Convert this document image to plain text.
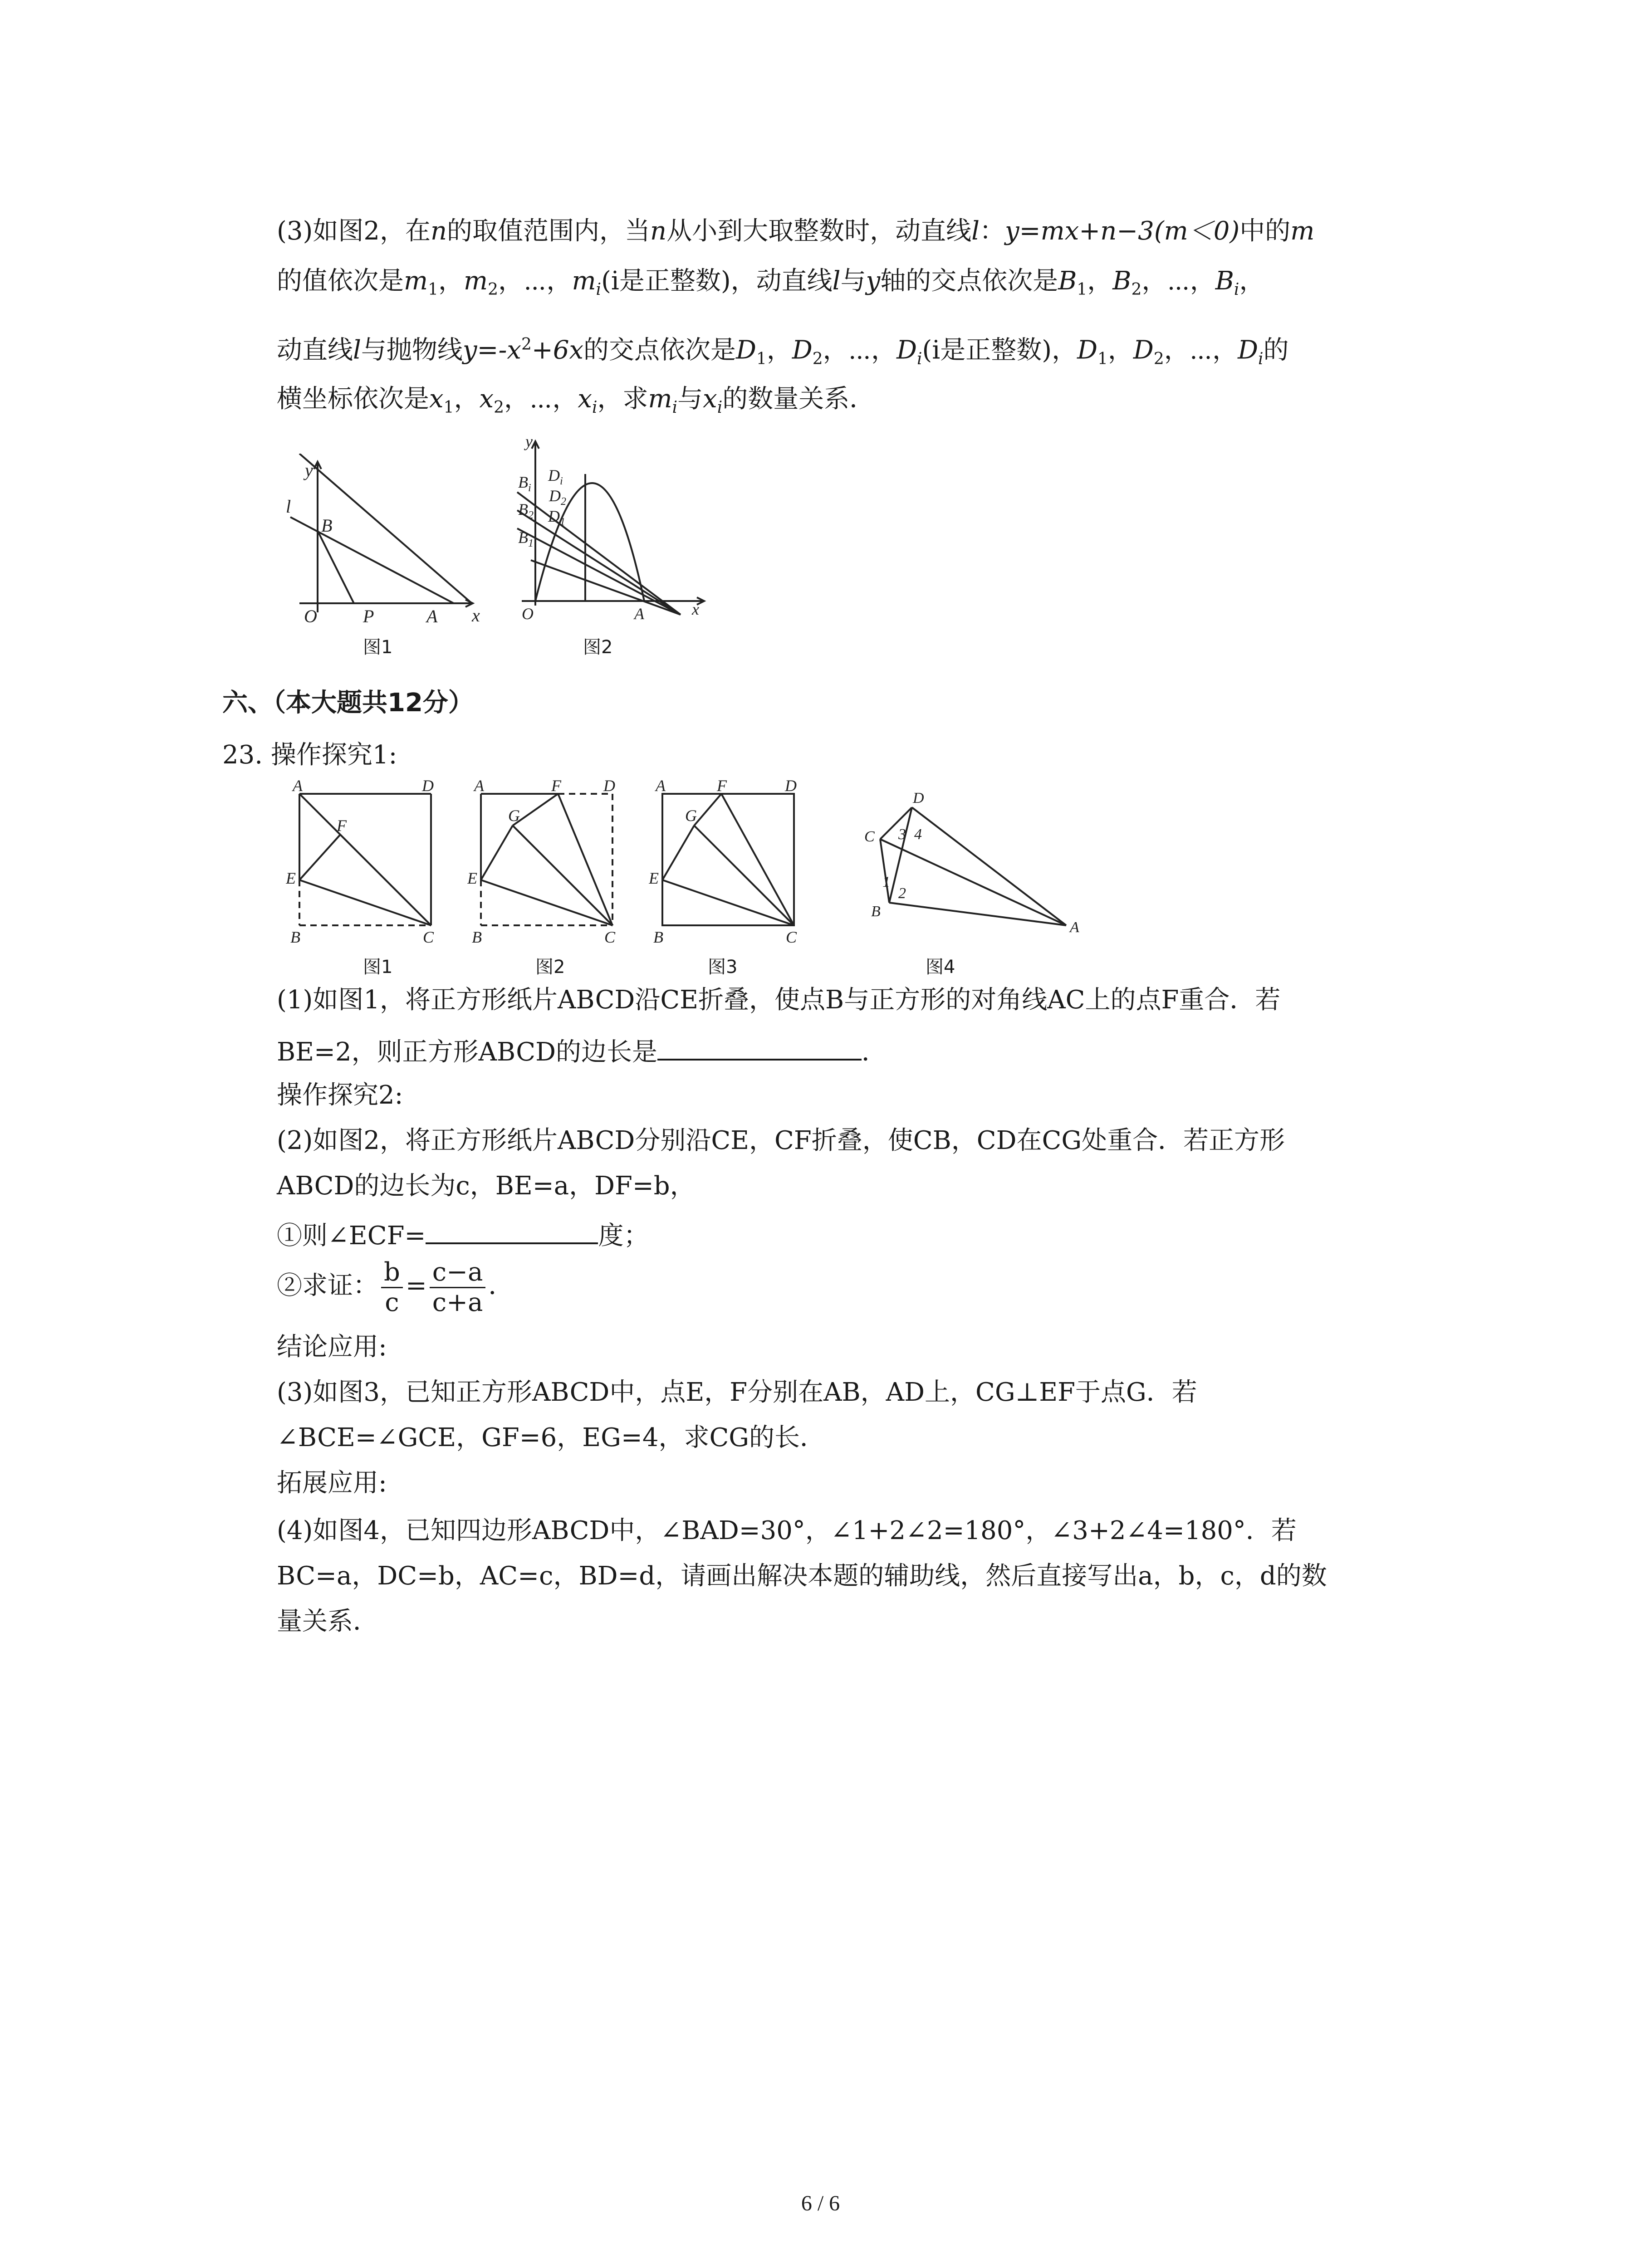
(3)如图2，在n的取值范围内，当n从小到大取整数时，动直线l：y=mx+n−3(m＜0)中的m
的值依次是$m_1$，$m_2$，⋯，$m_i(i$是正整数)，动直线l与y轴的交点依次是$B_1$，$B_2$，⋯，$B_i$，
动直线l与抛物线$y=-x^2+6x$的交点依次是$D_1$，$D_2$，⋯，$D_i(i$是正整数)，$D_1$，$D_2$，⋯，$D_i$的
横坐标依次是$x_1$，$x_2$，⋯，$x_i$，求$m_i$与$x_i$的数量关系．
y
l
B
O	P	A x
图1
y
$D_i$
$B_i$ $D_2$
$B_2$ $D_1$
$B_1$
O	A	x
图2
六、（本大题共12分）
23. 操作探究1:
A	D
F
E
B	C
A	F	D
G
E
B	C
A	F	D
G
E
B	C
D
C 3 4
1
2
B
A
图1	图2	图3	图4
(1)如图1，将正方形纸片ABCD沿CE折叠，使点B与正方形的对角线AC上的点F重合．若
BE=2，则正方形ABCD的边长是	．
操作探究2:
(2)如图2，将正方形纸片ABCD分别沿CE，CF折叠，使CB，CD在CG处重合．若正方形
ABCD的边长为c，BE=a，DF=b，
①则∠ECF=	度；
②求证： $\frac{b}{c} = \frac{c-a}{c+a}$ ．
结论应用:
(3)如图3，已知正方形ABCD中，点E，F分别在AB，AD上，CG⊥EF于点G．若
∠BCE=∠GCE，GF=6，EG=4，求CG的长．
拓展应用:
(4)如图4，已知四边形ABCD中，∠BAD=30°，∠1+2∠2=180°，∠3+2∠4=180°．若
BC=a，DC=b，AC=c，BD=d，请画出解决本题的辅助线，然后直接写出a，b，c，d的数
量关系．
6 / 6
